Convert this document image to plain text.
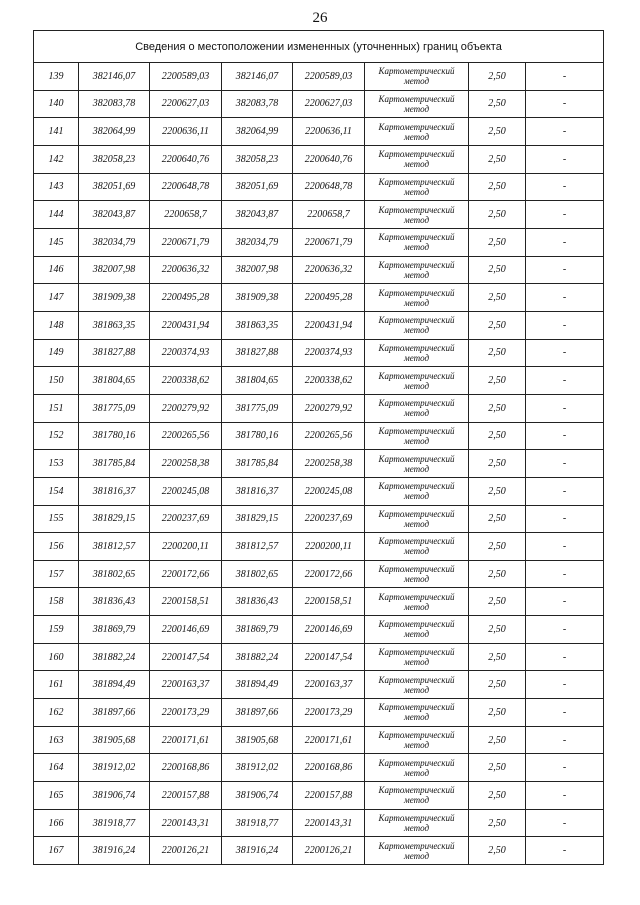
26
Сведения о местоположении измененных (уточненных) границ объекта							
139	382146,07	2200589,03	382146,07	2200589,03	Картометрический метод	2,50	-
140	382083,78	2200627,03	382083,78	2200627,03	Картометрический метод	2,50	-
141	382064,99	2200636,11	382064,99	2200636,11	Картометрический метод	2,50	-
142	382058,23	2200640,76	382058,23	2200640,76	Картометрический метод	2,50	-
143	382051,69	2200648,78	382051,69	2200648,78	Картометрический метод	2,50	-
144	382043,87	2200658,7	382043,87	2200658,7	Картометрический метод	2,50	-
145	382034,79	2200671,79	382034,79	2200671,79	Картометрический метод	2,50	-
146	382007,98	2200636,32	382007,98	2200636,32	Картометрический метод	2,50	-
147	381909,38	2200495,28	381909,38	2200495,28	Картометрический метод	2,50	-
148	381863,35	2200431,94	381863,35	2200431,94	Картометрический метод	2,50	-
149	381827,88	2200374,93	381827,88	2200374,93	Картометрический метод	2,50	-
150	381804,65	2200338,62	381804,65	2200338,62	Картометрический метод	2,50	-
151	381775,09	2200279,92	381775,09	2200279,92	Картометрический метод	2,50	-
152	381780,16	2200265,56	381780,16	2200265,56	Картометрический метод	2,50	-
153	381785,84	2200258,38	381785,84	2200258,38	Картометрический метод	2,50	-
154	381816,37	2200245,08	381816,37	2200245,08	Картометрический метод	2,50	-
155	381829,15	2200237,69	381829,15	2200237,69	Картометрический метод	2,50	-
156	381812,57	2200200,11	381812,57	2200200,11	Картометрический метод	2,50	-
157	381802,65	2200172,66	381802,65	2200172,66	Картометрический метод	2,50	-
158	381836,43	2200158,51	381836,43	2200158,51	Картометрический метод	2,50	-
159	381869,79	2200146,69	381869,79	2200146,69	Картометрический метод	2,50	-
160	381882,24	2200147,54	381882,24	2200147,54	Картометрический метод	2,50	-
161	381894,49	2200163,37	381894,49	2200163,37	Картометрический метод	2,50	-
162	381897,66	2200173,29	381897,66	2200173,29	Картометрический метод	2,50	-
163	381905,68	2200171,61	381905,68	2200171,61	Картометрический метод	2,50	-
164	381912,02	2200168,86	381912,02	2200168,86	Картометрический метод	2,50	-
165	381906,74	2200157,88	381906,74	2200157,88	Картометрический метод	2,50	-
166	381918,77	2200143,31	381918,77	2200143,31	Картометрический метод	2,50	-
167	381916,24	2200126,21	381916,24	2200126,21	Картометрический метод	2,50	-
